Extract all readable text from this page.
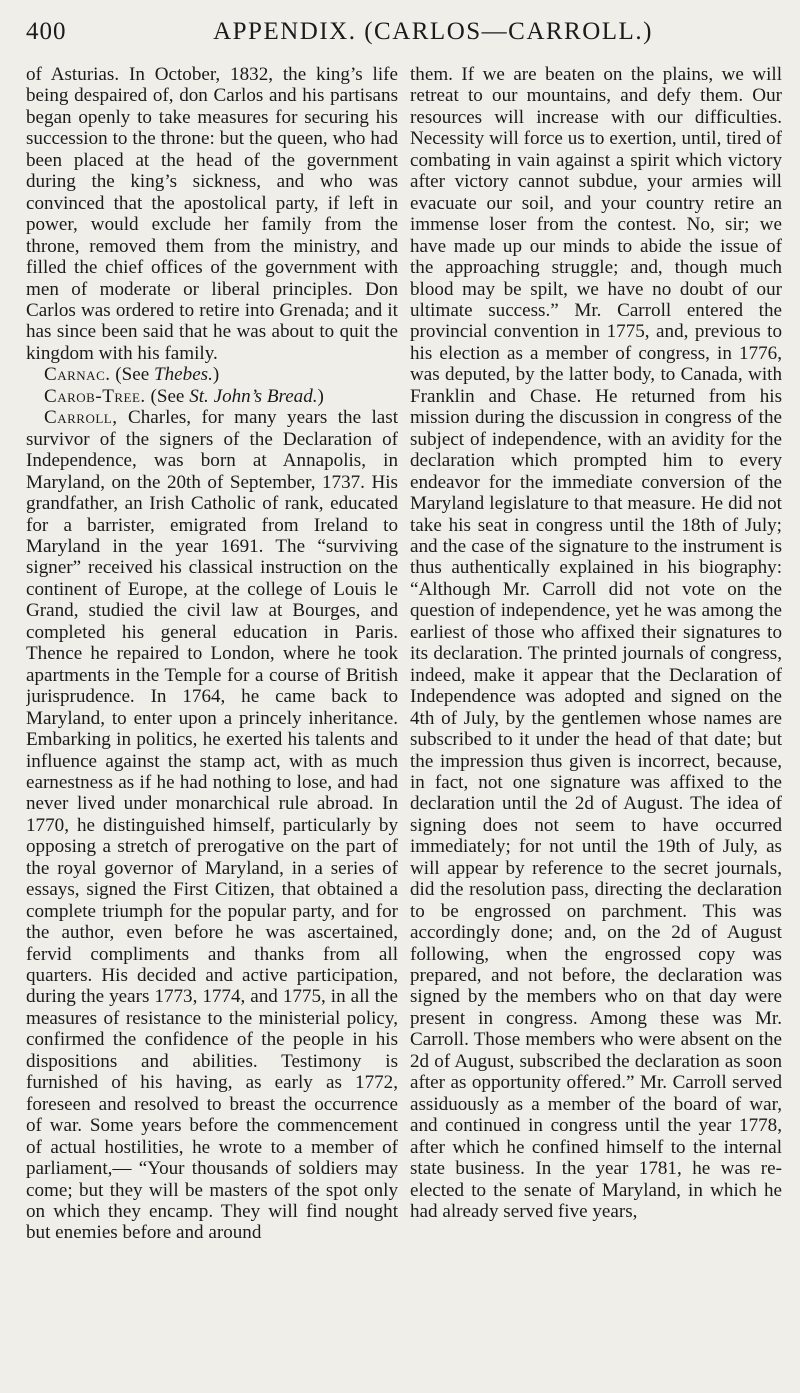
400	APPENDIX. (CARLOS—CARROLL.)

of Asturias. In October, 1832, the king’s life being despaired of, don Carlos and his partisans began openly to take measures for securing his succession to the throne: but the queen, who had been placed at the head of the government during the king’s sickness, and who was convinced that the apostolical party, if left in power, would exclude her family from the throne, removed them from the ministry, and filled the chief offices of the government with men of moderate or liberal principles. Don Carlos was ordered to retire into Grenada; and it has since been said that he was about to quit the kingdom with his family.

Carnac. (See Thebes.)

Carob-Tree. (See St. John’s Bread.)

Carroll, Charles, for many years the last survivor of the signers of the Declaration of Independence, was born at Annapolis, in Maryland, on the 20th of September, 1737. His grandfather, an Irish Catholic of rank, educated for a barrister, emigrated from Ireland to Maryland in the year 1691. The “surviving signer” received his classical instruction on the continent of Europe, at the college of Louis le Grand, studied the civil law at Bourges, and completed his general education in Paris. Thence he repaired to London, where he took apartments in the Temple for a course of British jurisprudence. In 1764, he came back to Maryland, to enter upon a princely inheritance. Embarking in politics, he exerted his talents and influence against the stamp act, with as much earnestness as if he had nothing to lose, and had never lived under monarchical rule abroad. In 1770, he distinguished himself, particularly by opposing a stretch of prerogative on the part of the royal governor of Maryland, in a series of essays, signed the First Citizen, that obtained a complete triumph for the popular party, and for the author, even before he was ascertained, fervid compliments and thanks from all quarters. His decided and active participation, during the years 1773, 1774, and 1775, in all the measures of resistance to the ministerial policy, confirmed the confidence of the people in his dispositions and abilities. Testimony is furnished of his having, as early as 1772, foreseen and resolved to breast the occurrence of war. Some years before the commencement of actual hostilities, he wrote to a member of parliament,— “Your thousands of soldiers may come; but they will be masters of the spot only on which they encamp. They will find nought but enemies before and around

them. If we are beaten on the plains, we will retreat to our mountains, and defy them. Our resources will increase with our difficulties. Necessity will force us to exertion, until, tired of combating in vain against a spirit which victory after victory cannot subdue, your armies will evacuate our soil, and your country retire an immense loser from the contest. No, sir; we have made up our minds to abide the issue of the approaching struggle; and, though much blood may be spilt, we have no doubt of our ultimate success.” Mr. Carroll entered the provincial convention in 1775, and, previous to his election as a member of congress, in 1776, was deputed, by the latter body, to Canada, with Franklin and Chase. He returned from his mission during the discussion in congress of the subject of independence, with an avidity for the declaration which prompted him to every endeavor for the immediate conversion of the Maryland legislature to that measure. He did not take his seat in congress until the 18th of July; and the case of the signature to the instrument is thus authentically explained in his biography: “Although Mr. Carroll did not vote on the question of independence, yet he was among the earliest of those who affixed their signatures to its declaration. The printed journals of congress, indeed, make it appear that the Declaration of Independence was adopted and signed on the 4th of July, by the gentlemen whose names are subscribed to it under the head of that date; but the impression thus given is incorrect, because, in fact, not one signature was affixed to the declaration until the 2d of August. The idea of signing does not seem to have occurred immediately; for not until the 19th of July, as will appear by reference to the secret journals, did the resolution pass, directing the declaration to be engrossed on parchment. This was accordingly done; and, on the 2d of August following, when the engrossed copy was prepared, and not before, the declaration was signed by the members who on that day were present in congress. Among these was Mr. Carroll. Those members who were absent on the 2d of August, subscribed the declaration as soon after as opportunity offered.” Mr. Carroll served assiduously as a member of the board of war, and continued in congress until the year 1778, after which he confined himself to the internal state business. In the year 1781, he was re-elected to the senate of Maryland, in which he had already served five years,
